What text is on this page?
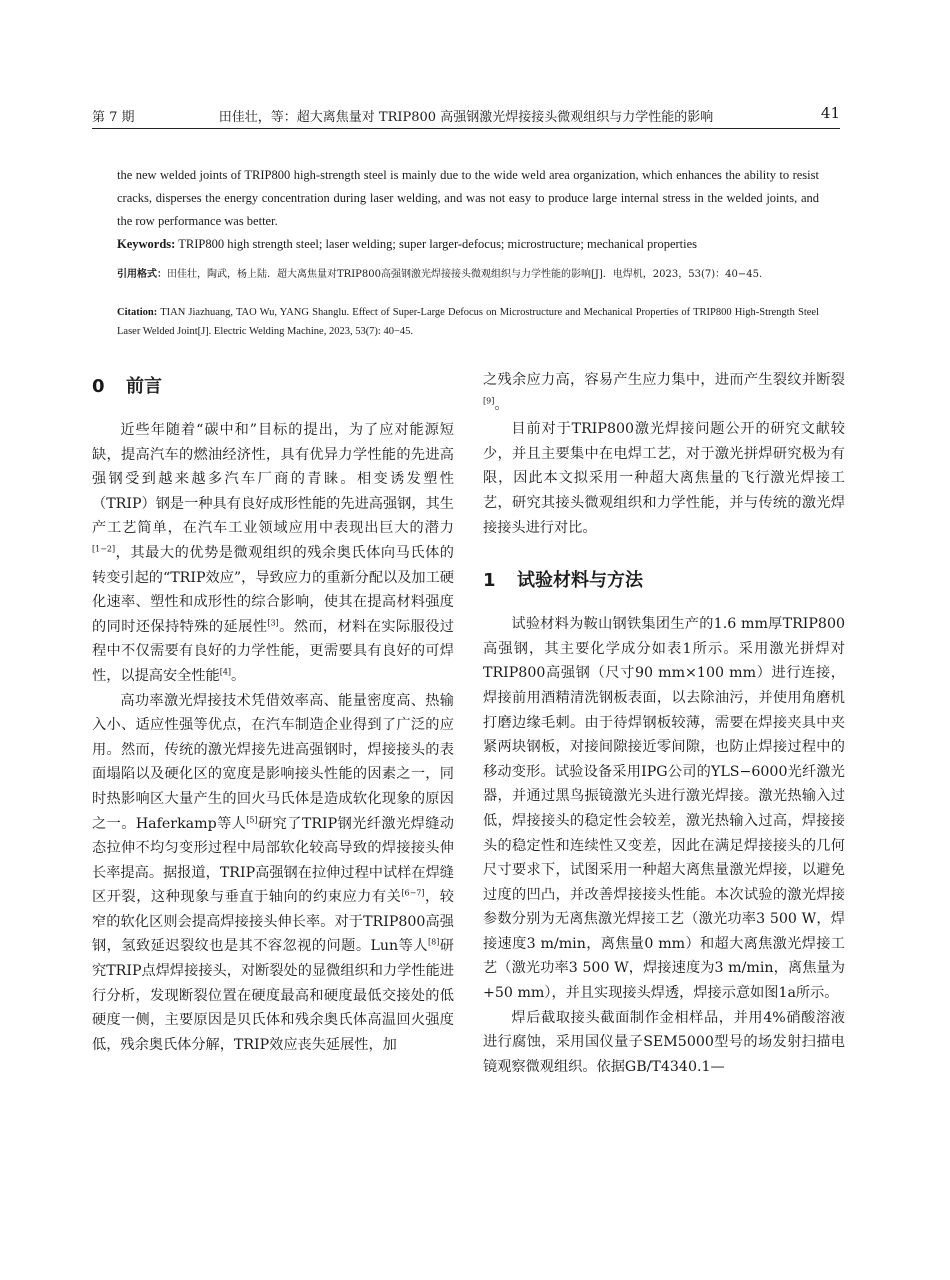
第 7 期	田佳壮，等：超大离焦量对 TRIP800 高强钢激光焊接接头微观组织与力学性能的影响	41
the new welded joints of TRIP800 high-strength steel is mainly due to the wide weld area organization, which enhances the ability to resist cracks, disperses the energy concentration during laser welding, and was not easy to produce large internal stress in the welded joints, and the row performance was better.
Keywords: TRIP800 high strength steel; laser welding; super larger-defocus; microstructure; mechanical properties
引用格式：田佳壮，陶武，杨上陆．超大离焦量对TRIP800高强钢激光焊接接头微观组织与力学性能的影响[J]．电焊机，2023，53(7)：40−45.
Citation: TIAN Jiazhuang, TAO Wu, YANG Shanglu. Effect of Super-Large Defocus on Microstructure and Mechanical Properties of TRIP800 High-Strength Steel Laser Welded Joint[J]. Electric Welding Machine, 2023, 53(7): 40−45.
0 前言

近些年随着“碳中和”目标的提出，为了应对能源短缺，提高汽车的燃油经济性，具有优异力学性能的先进高强钢受到越来越多汽车厂商的青睐。相变诱发塑性（TRIP）钢是一种具有良好成形性能的先进高强钢，其生产工艺简单，在汽车工业领域应用中表现出巨大的潜力[1−2]，其最大的优势是微观组织的残余奥氏体向马氏体的转变引起的“TRIP效应”，导致应力的重新分配以及加工硬化速率、塑性和成形性的综合影响，使其在提高材料强度的同时还保持特殊的延展性[3]。然而，材料在实际服役过程中不仅需要有良好的力学性能，更需要具有良好的可焊性，以提高安全性能[4]。

高功率激光焊接技术凭借效率高、能量密度高、热输入小、适应性强等优点，在汽车制造企业得到了广泛的应用。然而，传统的激光焊接先进高强钢时，焊接接头的表面塌陷以及硬化区的宽度是影响接头性能的因素之一，同时热影响区大量产生的回火马氏体是造成软化现象的原因之一。Haferkamp等人[5]研究了TRIP钢光纤激光焊缝动态拉伸不均匀变形过程中局部软化较高导致的焊接接头伸长率提高。据报道，TRIP高强钢在拉伸过程中试样在焊缝区开裂，这种现象与垂直于轴向的约束应力有关[6−7]，较窄的软化区则会提高焊接接头伸长率。对于TRIP800高强钢，氢致延迟裂纹也是其不容忽视的问题。Lun等人[8]研究TRIP点焊焊接接头，对断裂处的显微组织和力学性能进行分析，发现断裂位置在硬度最高和硬度最低交接处的低硬度一侧，主要原因是贝氏体和残余奥氏体高温回火强度低，残余奥氏体分解，TRIP效应丧失延展性，加

之残余应力高，容易产生应力集中，进而产生裂纹并断裂[9]。

目前对于TRIP800激光焊接问题公开的研究文献较少，并且主要集中在电焊工艺，对于激光拼焊研究极为有限，因此本文拟采用一种超大离焦量的飞行激光焊接工艺，研究其接头微观组织和力学性能，并与传统的激光焊接接头进行对比。

1 试验材料与方法

试验材料为鞍山钢铁集团生产的1.6 mm厚TRIP800高强钢，其主要化学成分如表1所示。采用激光拼焊对TRIP800高强钢（尺寸90 mm×100 mm）进行连接，焊接前用酒精清洗钢板表面，以去除油污，并使用角磨机打磨边缘毛刺。由于待焊钢板较薄，需要在焊接夹具中夹紧两块钢板，对接间隙接近零间隙，也防止焊接过程中的移动变形。试验设备采用IPG公司的YLS−6000光纤激光器，并通过黑鸟振镜激光头进行激光焊接。激光热输入过低，焊接接头的稳定性会较差，激光热输入过高，焊接接头的稳定性和连续性又变差，因此在满足焊接接头的几何尺寸要求下，试图采用一种超大离焦量激光焊接，以避免过度的凹凸，并改善焊接接头性能。本次试验的激光焊接参数分别为无离焦激光焊接工艺（激光功率3 500 W，焊接速度3 m/min，离焦量0 mm）和超大离焦激光焊接工艺（激光功率3 500 W，焊接速度为3 m/min，离焦量为+50 mm），并且实现接头焊透，焊接示意如图1a所示。

焊后截取接头截面制作金相样品，并用4%硝酸溶液进行腐蚀，采用国仪量子SEM5000型号的场发射扫描电镜观察微观组织。依据GB/T4340.1—
